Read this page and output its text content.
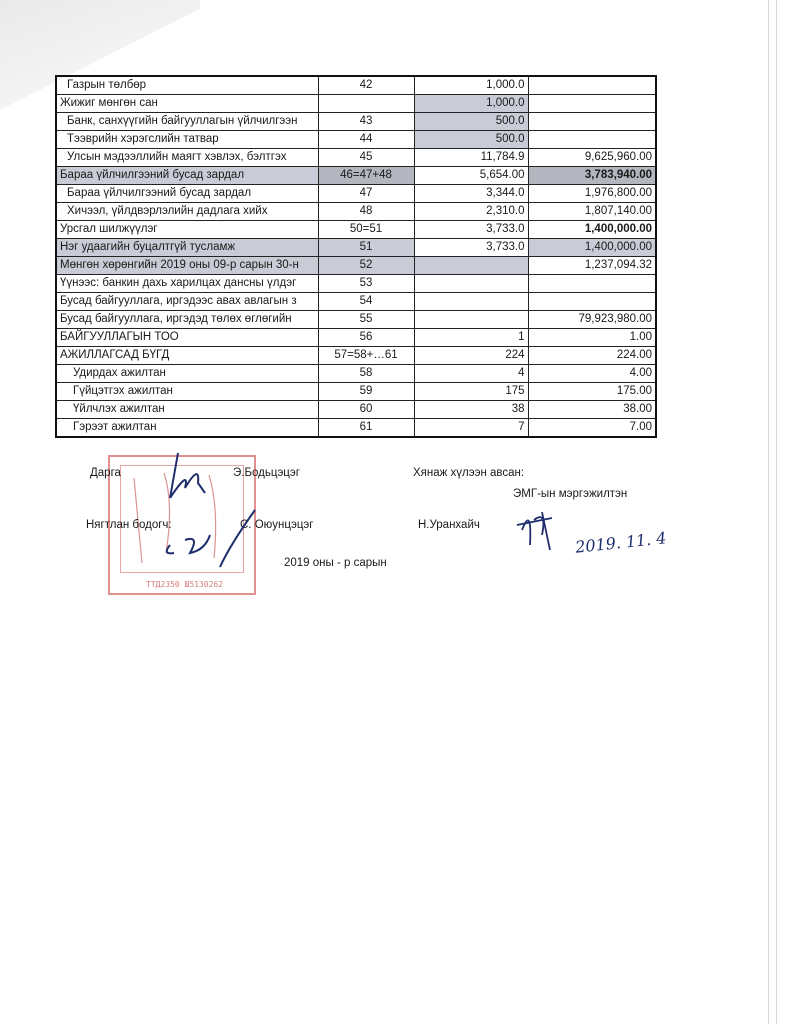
Газрын төлбөр	42	1,000.0	
Жижиг мөнгөн сан		1,000.0	
Банк, санхүүгийн байгууллагын үйлчилгээн	43	500.0	
Тээврийн хэрэгслийн татвар	44	500.0	
Улсын мэдээллийн маягт хэвлэх, бэлтгэх	45	11,784.9	9,625,960.00
Бараа үйлчилгээний бусад зардал	46=47+48	5,654.00	3,783,940.00
Бараа үйлчилгээний бусад зардал	47	3,344.0	1,976,800.00
Хичээл, үйлдвэрлэлийн дадлага хийх	48	2,310.0	1,807,140.00
Урсгал шилжүүлэг	50=51	3,733.0	1,400,000.00
Нэг удаагийн буцалтгүй тусламж	51	3,733.0	1,400,000.00
Мөнгөн хөрөнгийн 2019 оны 09-р сарын 30-н	52		1,237,094.32
Үүнээс: банкин дахь харилцах дансны үлдэг	53		
Бусад байгууллага, иргэдээс авах авлагын з	54		
Бусад байгууллага, иргэдэд төлөх өглөгийн	55		79,923,980.00
БАЙГУУЛЛАГЫН ТОО	56	1	1.00
АЖИЛЛАГСАД БҮГД	57=58+…61	224	224.00
Удирдах ажилтан	58	4	4.00
Гүйцэтгэх ажилтан	59	175	175.00
Үйлчлэх ажилтан	60	38	38.00
Гэрээт ажилтан	61	7	7.00
ТТД2350 Ш5130262
Дарга	Э.Бодьцэцэг	Хянаж хүлээн авсан:
ЭМГ-ын мэргэжилтэн
Нягтлан бодогч:	С. Оюунцэцэг	Н.Уранхайч
2019 оны - р сарын
2019. 11. 4
